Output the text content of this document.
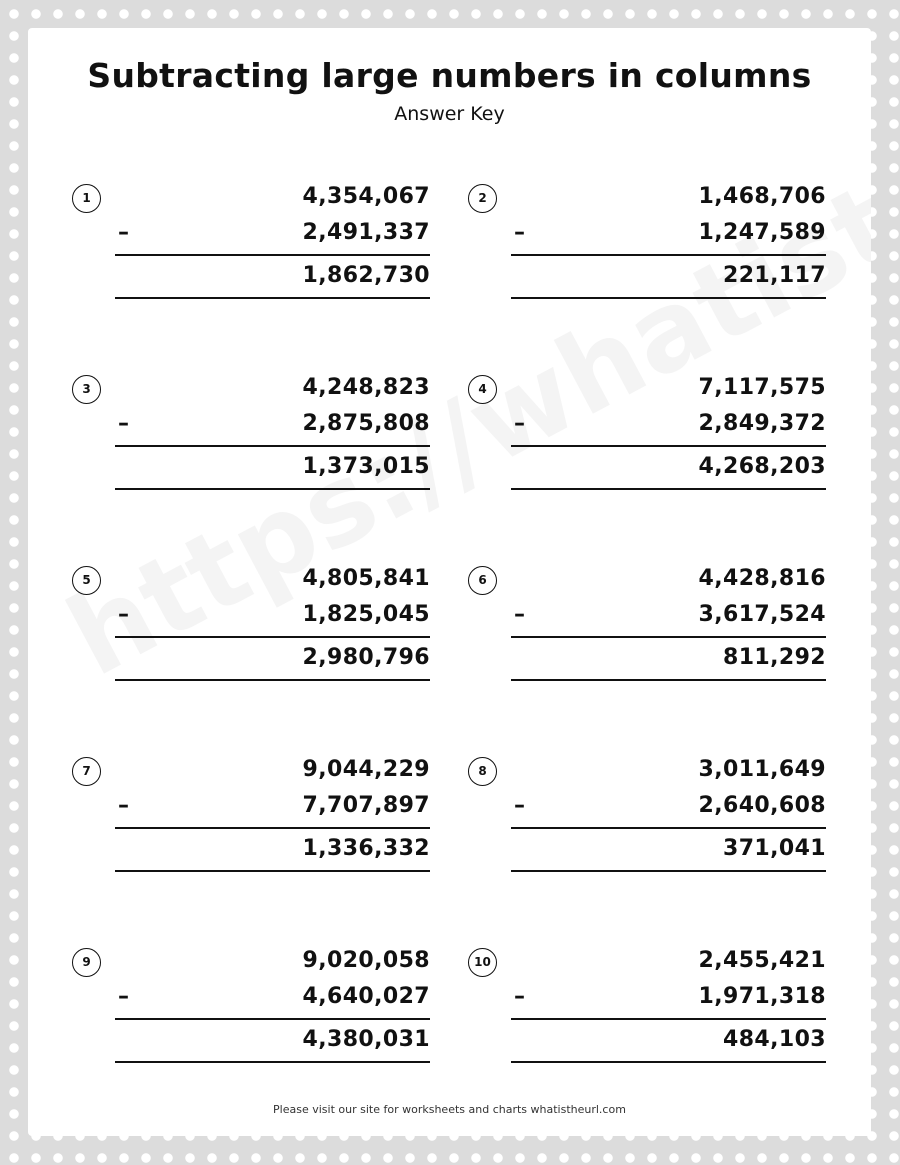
Subtracting large numbers in columns
Answer Key
1	4,354,067
–	2,491,337
1,862,730
2	1,468,706
–	1,247,589
221,117
3	4,248,823
–	2,875,808
1,373,015
4	7,117,575
–	2,849,372
4,268,203
5	4,805,841
–	1,825,045
2,980,796
6	4,428,816
–	3,617,524
811,292
7	9,044,229
–	7,707,897
1,336,332
8	3,011,649
–	2,640,608
371,041
9	9,020,058
–	4,640,027
4,380,031
10	2,455,421
–	1,971,318
484,103
Please visit our site for worksheets and charts whatistheurl.com
